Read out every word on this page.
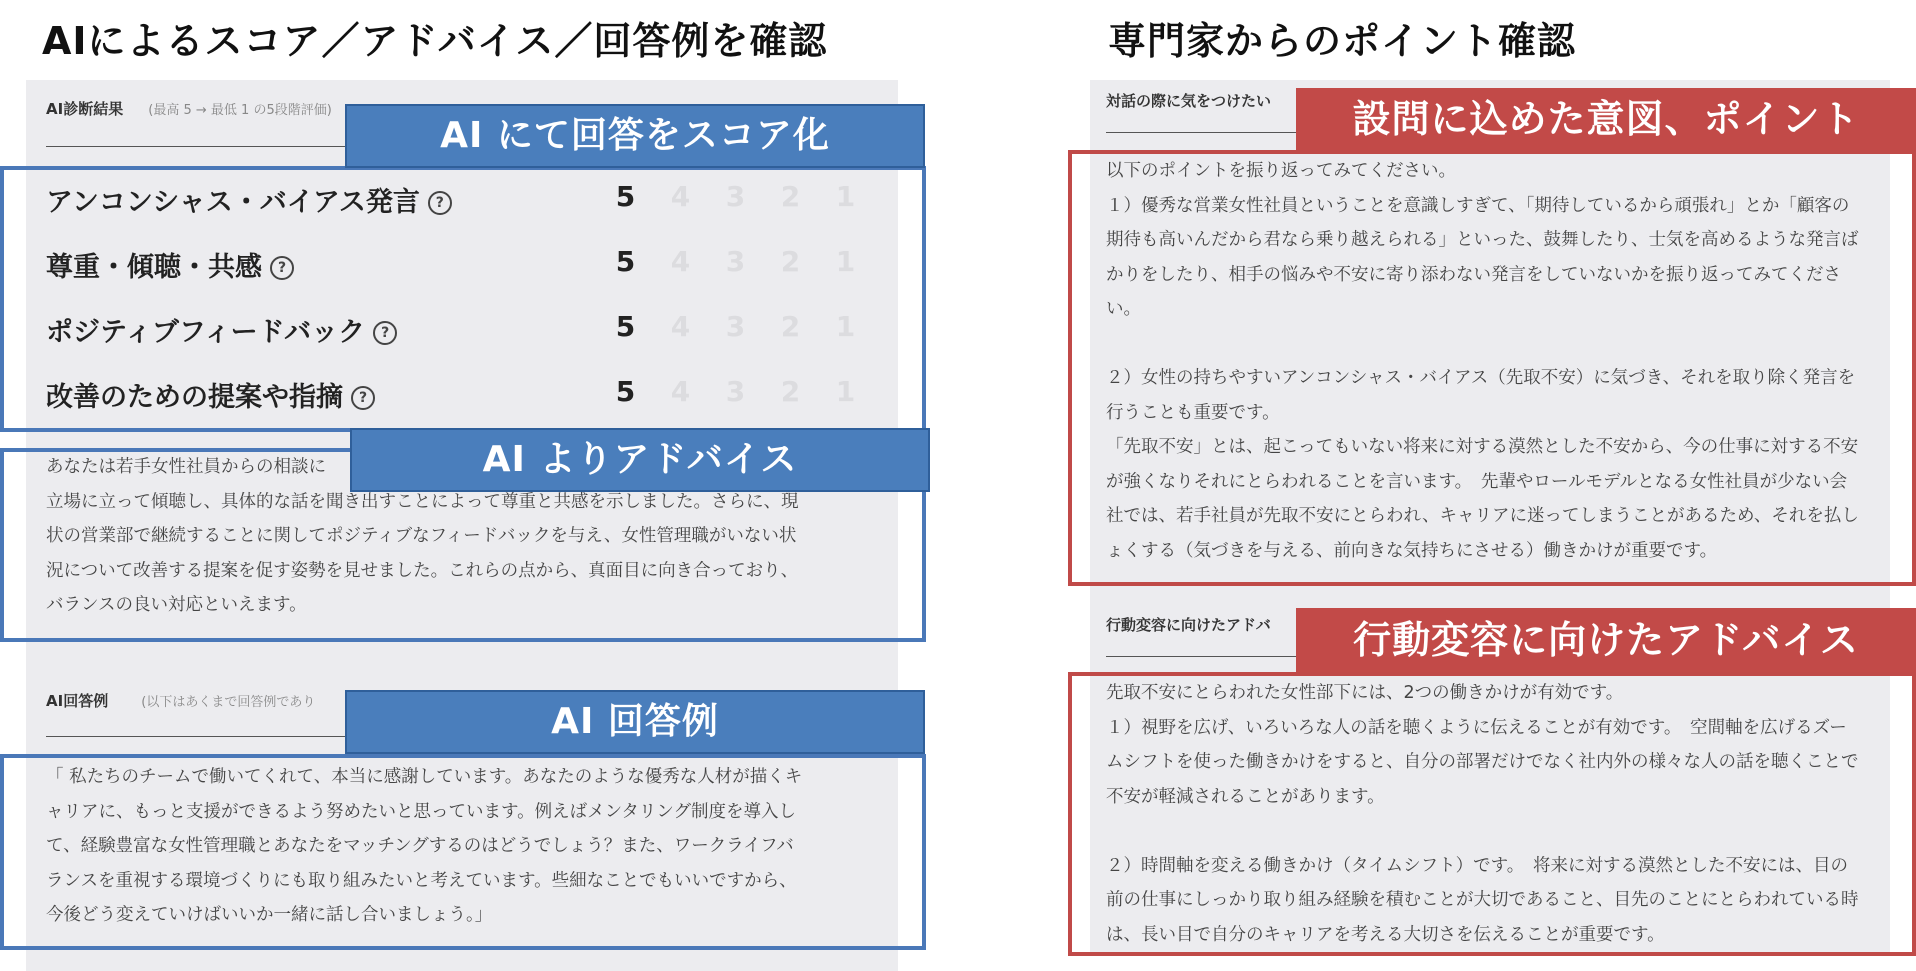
AIによるスコア／アドバイス／回答例を確認
AI診断結果 (最高 5 → 最低 1 の5段階評価)
アンコンシャス・バイアス発言 ?	5 4 3 2 1
尊重・傾聴・共感 ?	5 4 3 2 1
ポジティブフィードバック ?	5 4 3 2 1
改善のための提案や指摘 ?	5 4 3 2 1
あなたは若手女性社員からの相談に
立場に立って傾聴し、具体的な話を聞き出すことによって尊重と共感を示しました。さらに、現
状の営業部で継続することに関してポジティブなフィードバックを与え、女性管理職がいない状
況について改善する提案を促す姿勢を見せました。これらの点から、真面目に向き合っており、
バランスの良い対応といえます。
AI回答例	(以下はあくまで回答例であり
「 私たちのチームで働いてくれて、本当に感謝しています。あなたのような優秀な人材が描くキ
ャリアに、もっと支援ができるよう努めたいと思っています。例えばメンタリング制度を導入し
て、経験豊富な女性管理職とあなたをマッチングするのはどうでしょう？また、ワークライフバ
ランスを重視する環境づくりにも取り組みたいと考えています。些細なことでもいいですから、
今後どう変えていけばいいか一緒に話し合いましょう。」
AI にて回答をスコア化
AI よりアドバイス
AI 回答例
専門家からのポイント確認
対話の際に気をつけたい
以下のポイントを振り返ってみてください。
１）優秀な営業女性社員ということを意識しすぎて、「期待しているから頑張れ」とか「顧客の
期待も高いんだから君なら乗り越えられる」といった、鼓舞したり、士気を高めるような発言ば
かりをしたり、相手の悩みや不安に寄り添わない発言をしていないかを振り返ってみてくださ
い。
２）女性の持ちやすいアンコンシャス・バイアス（先取不安）に気づき、それを取り除く発言を
行うことも重要です。
「先取不安」とは、起こってもいない将来に対する漠然とした不安から、今の仕事に対する不安
が強くなりそれにとらわれることを言います。　先輩やロールモデルとなる女性社員が少ない会
社では、若手社員が先取不安にとらわれ、キャリアに迷ってしまうことがあるため、それを払し
ょくする（気づきを与える、前向きな気持ちにさせる）働きかけが重要です。
行動変容に向けたアドバ
先取不安にとらわれた女性部下には、2つの働きかけが有効です。
１）視野を広げ、いろいろな人の話を聴くように伝えることが有効です。　空間軸を広げるズー
ムシフトを使った働きかけをすると、自分の部署だけでなく社内外の様々な人の話を聴くことで
不安が軽減されることがあります。
２）時間軸を変える働きかけ（タイムシフト）です。　将来に対する漠然とした不安には、目の
前の仕事にしっかり取り組み経験を積むことが大切であること、目先のことにとらわれている時
は、長い目で自分のキャリアを考える大切さを伝えることが重要です。
設問に込めた意図、ポイント
行動変容に向けたアドバイス
